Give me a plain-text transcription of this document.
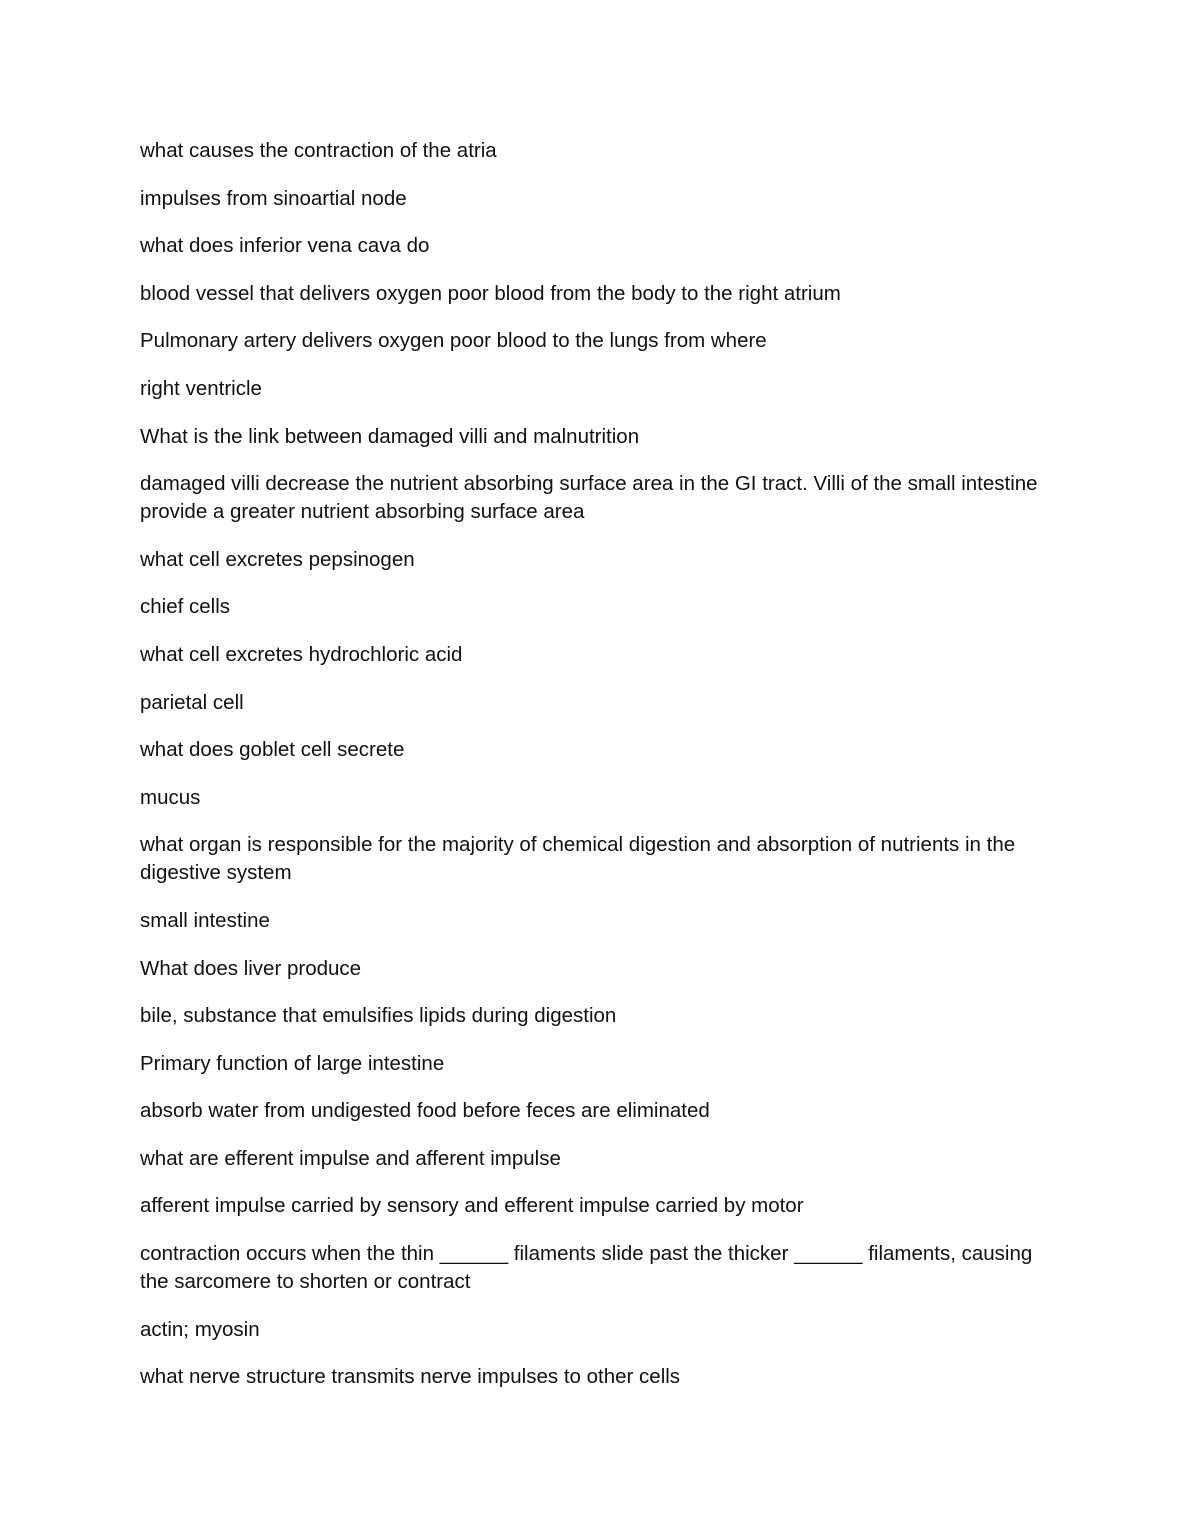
what causes the contraction of the atria

impulses from sinoartial node

what does inferior vena cava do

blood vessel that delivers oxygen poor blood from the body to the right atrium

Pulmonary artery delivers oxygen poor blood to the lungs from where

right ventricle

What is the link between damaged villi and malnutrition

damaged villi decrease the nutrient absorbing surface area in the GI tract. Villi of the small intestine provide a greater nutrient absorbing surface area

what cell excretes pepsinogen

chief cells

what cell excretes hydrochloric acid

parietal cell

what does goblet cell secrete

mucus

what organ is responsible for the majority of chemical digestion and absorption of nutrients in the digestive system

small intestine

What does liver produce

bile, substance that emulsifies lipids during digestion

Primary function of large intestine

absorb water from undigested food before feces are eliminated

what are efferent impulse and afferent impulse

afferent impulse carried by sensory and efferent impulse carried by motor

contraction occurs when the thin ______ filaments slide past the thicker ______ filaments, causing the sarcomere to shorten or contract

actin; myosin

what nerve structure transmits nerve impulses to other cells
